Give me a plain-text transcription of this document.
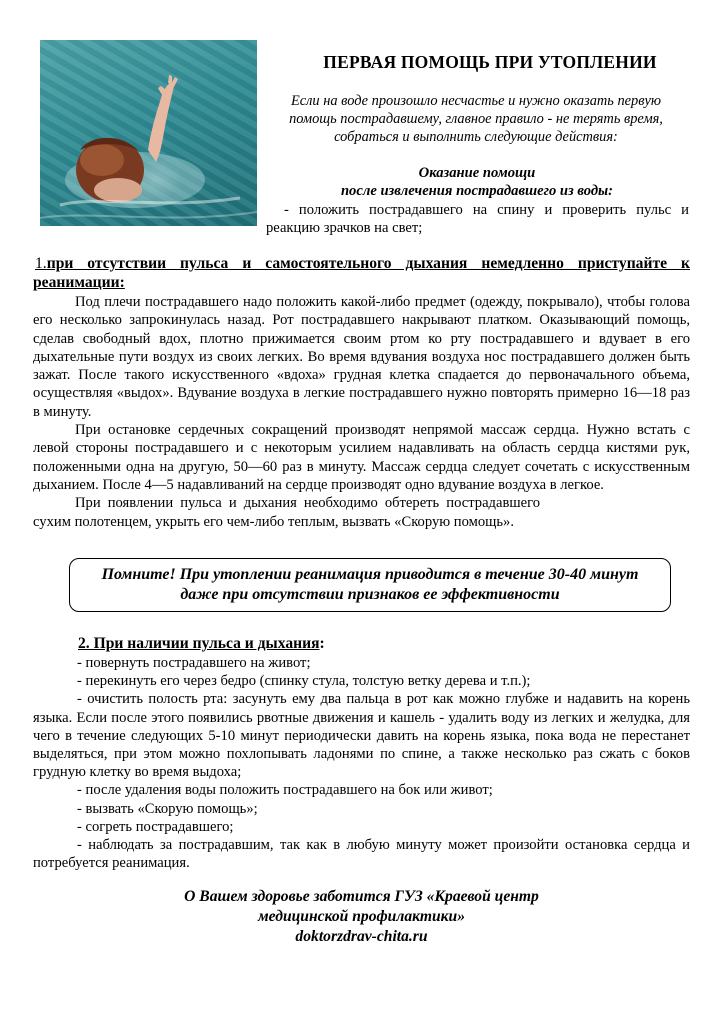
ПЕРВАЯ ПОМОЩЬ ПРИ УТОПЛЕНИИ
Если на воде произошло несчастье и нужно оказать первую помощь пострадавшему, главное правило - не терять время, собраться и выполнить следующие действия:
Оказание помощи
после извлечения пострадавшего из воды:
- положить пострадавшего на спину и проверить пульс и реакцию зрачков на свет;
1.при отсутствии пульса и самостоятельного дыхания немедленно приступайте к реанимации:

Под плечи пострадавшего надо положить какой-либо предмет (одежду, покрывало), чтобы голова его несколько запрокинулась назад. Рот пострадавшего накрывают платком. Оказывающий помощь, сделав свободный вдох, плотно прижимается своим ртом ко рту пострадавшего и вдувает в его дыхательные пути воздух из своих легких. Во время вдувания воздуха нос пострадавшего должен быть зажат. После такого искусственного «вдоха» грудная клетка спадается до первоначального объема, осуществляя «выдох». Вдувание воздуха в легкие пострадавшего нужно повторять примерно 16—18 раз в минуту.

При остановке сердечных сокращений производят непрямой массаж сердца. Нужно встать с левой стороны пострадавшего и с некоторым усилием надавливать на область сердца кистями рук, положенными одна на другую, 50—60 раз в минуту. Массаж сердца следует сочетать с искусственным дыханием. После 4—5 надавливаний на сердце производят одно вдувание воздуха в легкое.

При появлении пульса и дыхания необходимо обтереть пострадавшего сухим полотенцем, укрыть его чем-либо теплым, вызвать «Скорую помощь».

Помните! При утоплении реанимация приводится в течение 30-40 минут
даже при отсутствии признаков ее эффективности
2. При наличии пульса и дыхания:

- повернуть пострадавшего на живот;

- перекинуть его через бедро (спинку стула, толстую ветку дерева и т.п.);

- очистить полость рта: засунуть ему два пальца в рот как можно глубже и надавить на корень языка. Если после этого появились рвотные движения и кашель - удалить воду из легких и желудка, для чего в течение следующих 5-10 минут периодически давить на корень языка, пока вода не перестанет выделяться, при этом можно похлопывать ладонями по спине, а также несколько раз сжать с боков грудную клетку во время выдоха;

- после удаления воды положить пострадавшего на бок или живот;

- вызвать «Скорую помощь»;

- согреть пострадавшего;

- наблюдать за пострадавшим, так как в любую минуту может произойти остановка сердца и потребуется реанимация.

О Вашем здоровье заботится ГУЗ «Краевой центр
медицинской профилактики»
doktorzdrav-chita.ru
